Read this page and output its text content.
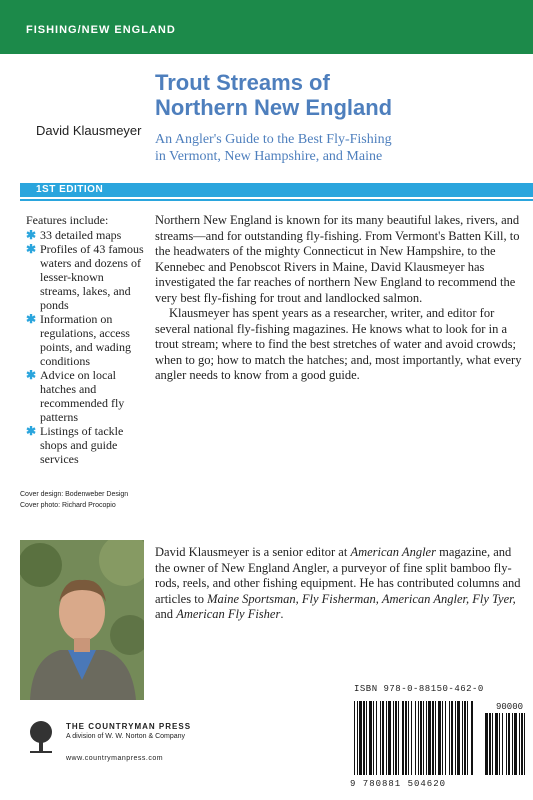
FISHING/NEW ENGLAND
David Klausmeyer
Trout Streams of
Northern New England
An Angler's Guide to the Best Fly-Fishing
in Vermont, New Hampshire, and Maine
1ST EDITION
Features include:
✱ 33 detailed maps
✱ Profiles of 43 famous waters and dozens of lesser-known streams, lakes, and ponds
✱ Information on regulations, access points, and wading conditions
✱ Advice on local hatches and recommended fly patterns
✱ Listings of tackle shops and guide services
Cover design: Bodenweber Design
Cover photo: Richard Procopio

Northern New England is known for its many beautiful lakes, rivers, and streams—and for outstanding fly-fishing. From Vermont's Batten Kill, to the headwaters of the mighty Connecticut in New Hampshire, to the Kennebec and Penobscot Rivers in Maine, David Klausmeyer has investigated the far reaches of northern New England to recommend the very best fly-fishing for trout and landlocked salmon.

Klausmeyer has spent years as a researcher, writer, and editor for several national fly-fishing magazines. He knows what to look for in a trout stream; where to find the best stretches of water and avoid crowds; when to go; how to match the hatches; and, most importantly, what every angler needs to know from a good guide.

David Klausmeyer is a senior editor at American Angler magazine, and the owner of New England Angler, a purveyor of fine split bamboo fly-rods, reels, and other fishing equipment. He has contributed columns and articles to Maine Sportsman, Fly Fisherman, American Angler, Fly Tyer, and American Fly Fisher.
ISBN 978-0-88150-462-0
90000
9 780881 504620
THE COUNTRYMAN PRESS
A division of W. W. Norton & Company
www.countrymanpress.com
